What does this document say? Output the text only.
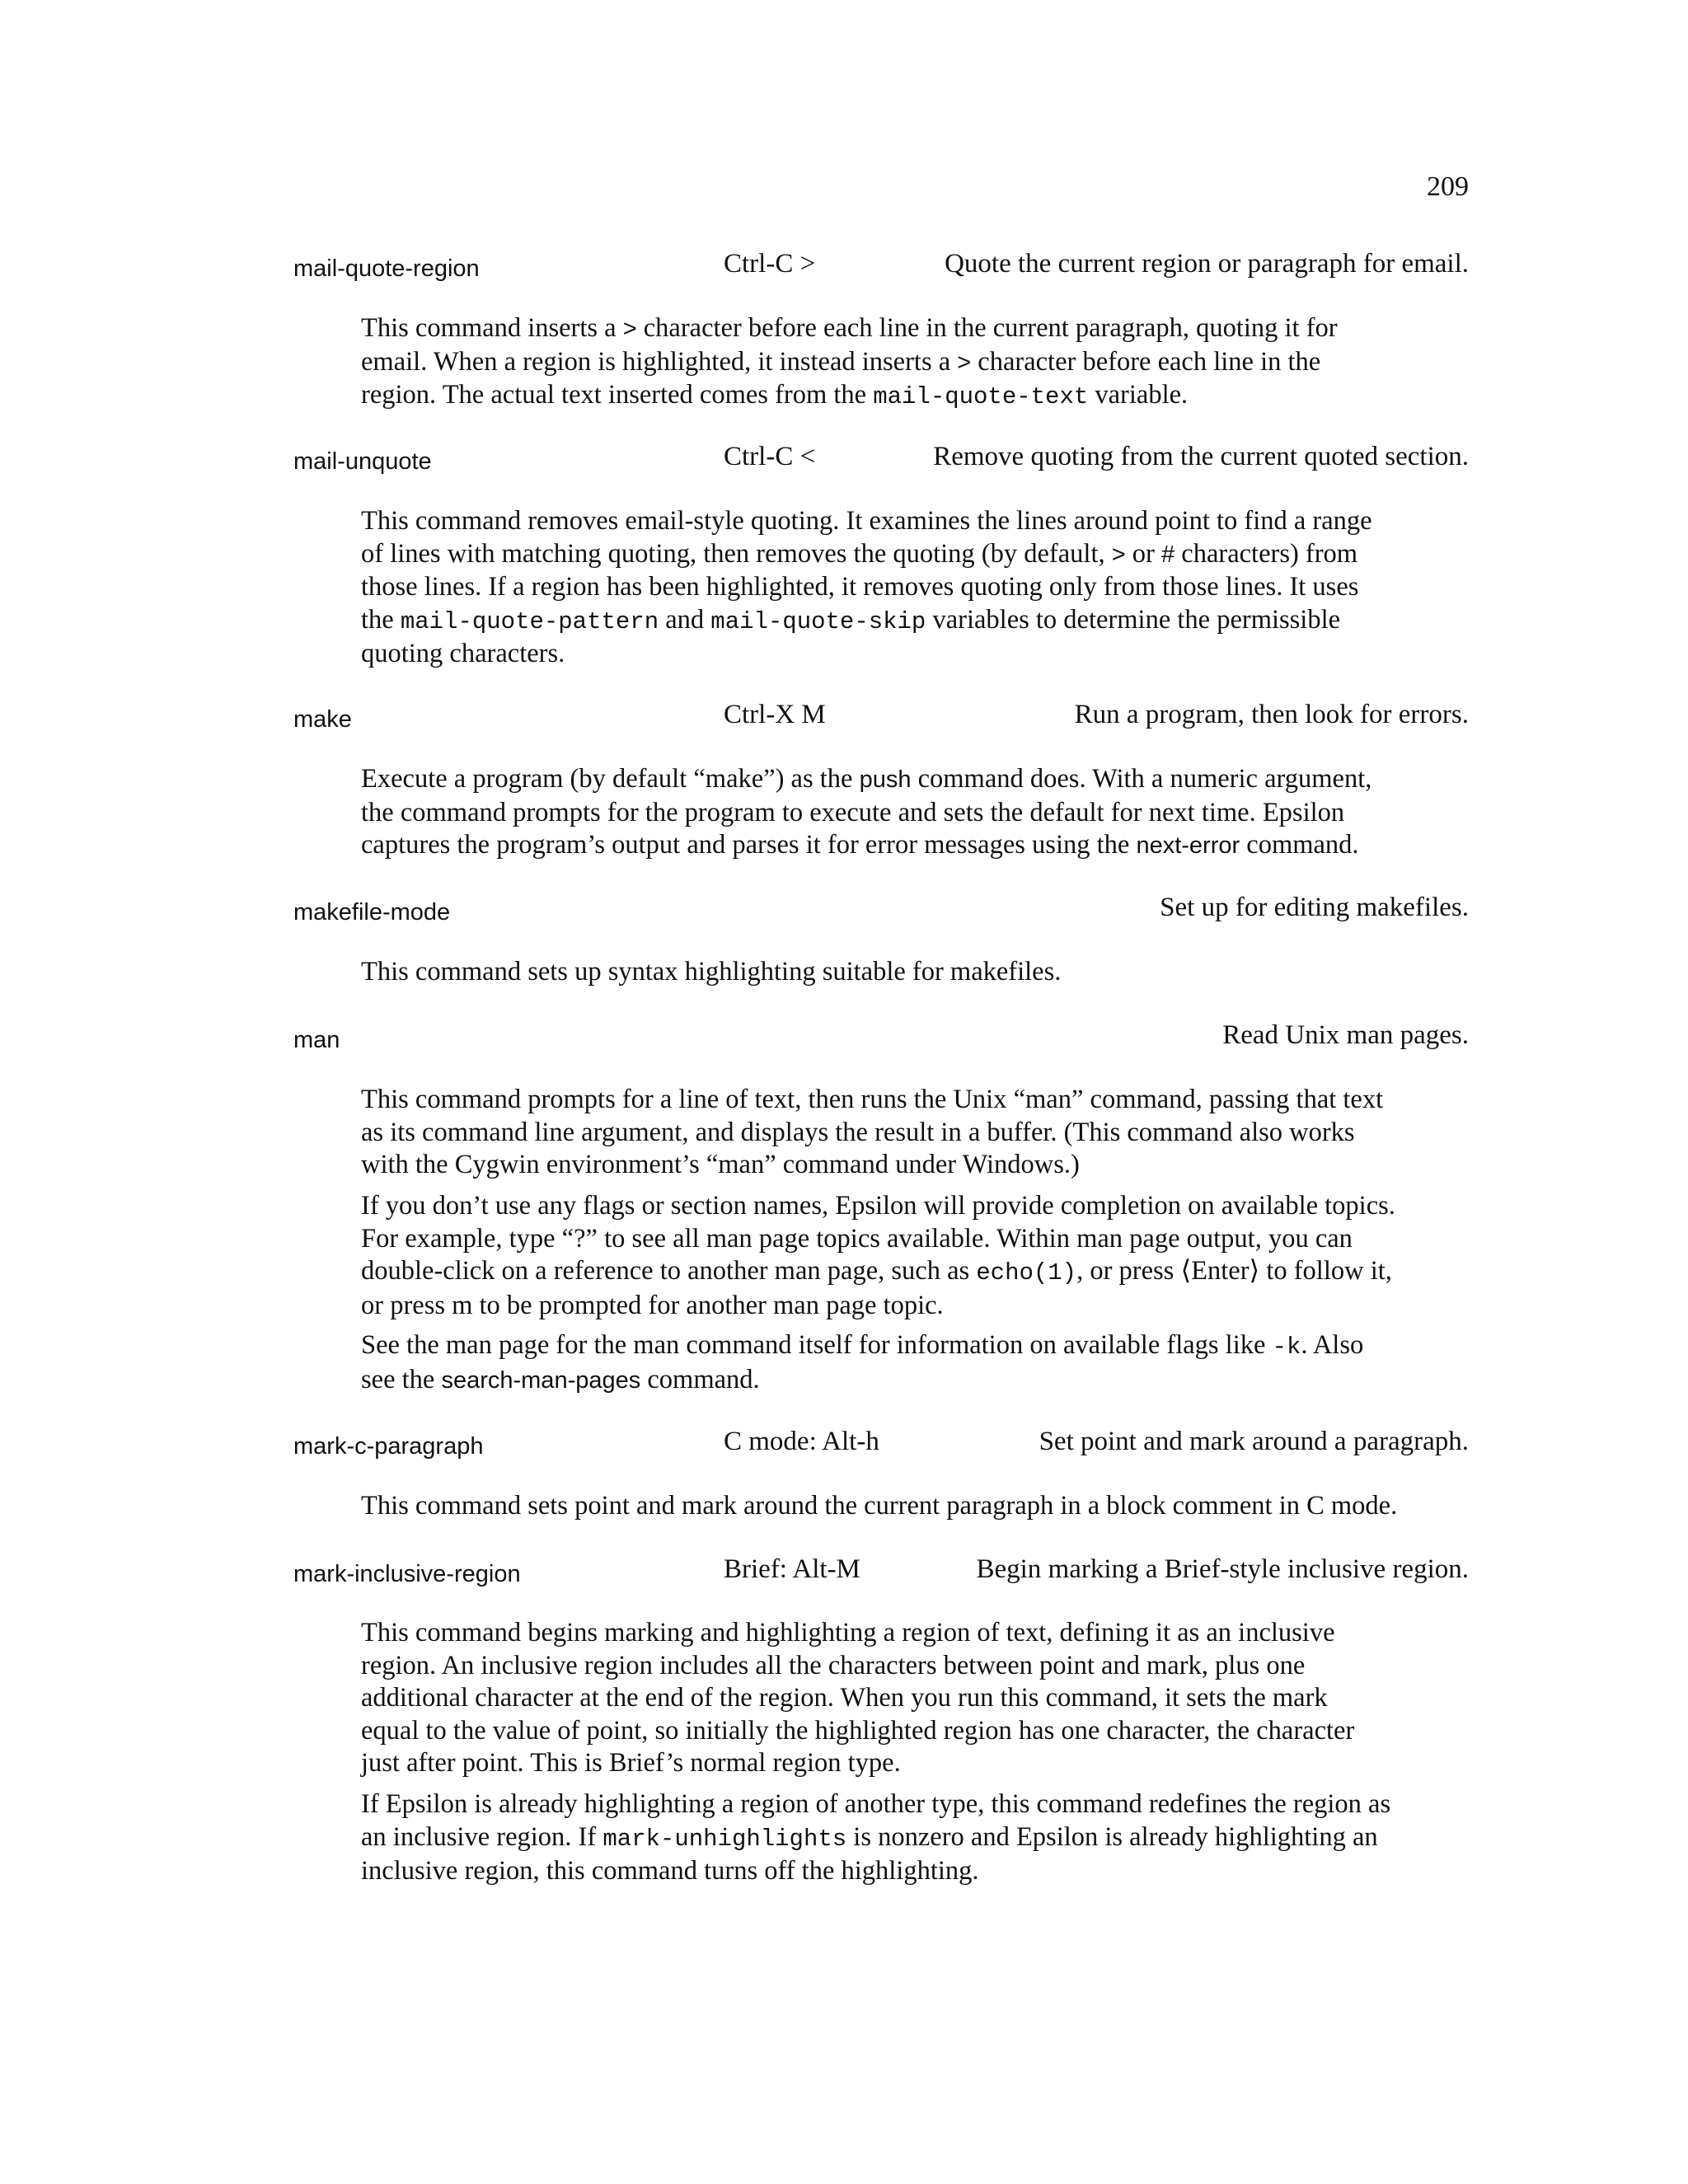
209
mail-quote-region	Ctrl-C >	Quote the current region or paragraph for email.
This command inserts a > character before each line in the current paragraph, quoting it for
email. When a region is highlighted, it instead inserts a > character before each line in the
region. The actual text inserted comes from the mail-quote-text variable.
mail-unquote	Ctrl-C <	Remove quoting from the current quoted section.
This command removes email-style quoting. It examines the lines around point to find a range
of lines with matching quoting, then removes the quoting (by default, > or # characters) from
those lines. If a region has been highlighted, it removes quoting only from those lines. It uses
the mail-quote-pattern and mail-quote-skip variables to determine the permissible
quoting characters.
make	Ctrl-X M	Run a program, then look for errors.
Execute a program (by default “make”) as the push command does. With a numeric argument,
the command prompts for the program to execute and sets the default for next time. Epsilon
captures the program’s output and parses it for error messages using the next-error command.
makefile-mode	Set up for editing makefiles.
This command sets up syntax highlighting suitable for makefiles.
man	Read Unix man pages.
This command prompts for a line of text, then runs the Unix “man” command, passing that text
as its command line argument, and displays the result in a buffer. (This command also works
with the Cygwin environment’s “man” command under Windows.)
If you don’t use any flags or section names, Epsilon will provide completion on available topics.
For example, type “?” to see all man page topics available. Within man page output, you can
double-click on a reference to another man page, such as echo(1), or press ⟨Enter⟩ to follow it,
or press m to be prompted for another man page topic.
See the man page for the man command itself for information on available flags like -k. Also
see the search-man-pages command.
mark-c-paragraph	C mode: Alt-h	Set point and mark around a paragraph.
This command sets point and mark around the current paragraph in a block comment in C mode.
mark-inclusive-region	Brief: Alt-M	Begin marking a Brief-style inclusive region.
This command begins marking and highlighting a region of text, defining it as an inclusive
region. An inclusive region includes all the characters between point and mark, plus one
additional character at the end of the region. When you run this command, it sets the mark
equal to the value of point, so initially the highlighted region has one character, the character
just after point. This is Brief’s normal region type.
If Epsilon is already highlighting a region of another type, this command redefines the region as
an inclusive region. If mark-unhighlights is nonzero and Epsilon is already highlighting an
inclusive region, this command turns off the highlighting.
